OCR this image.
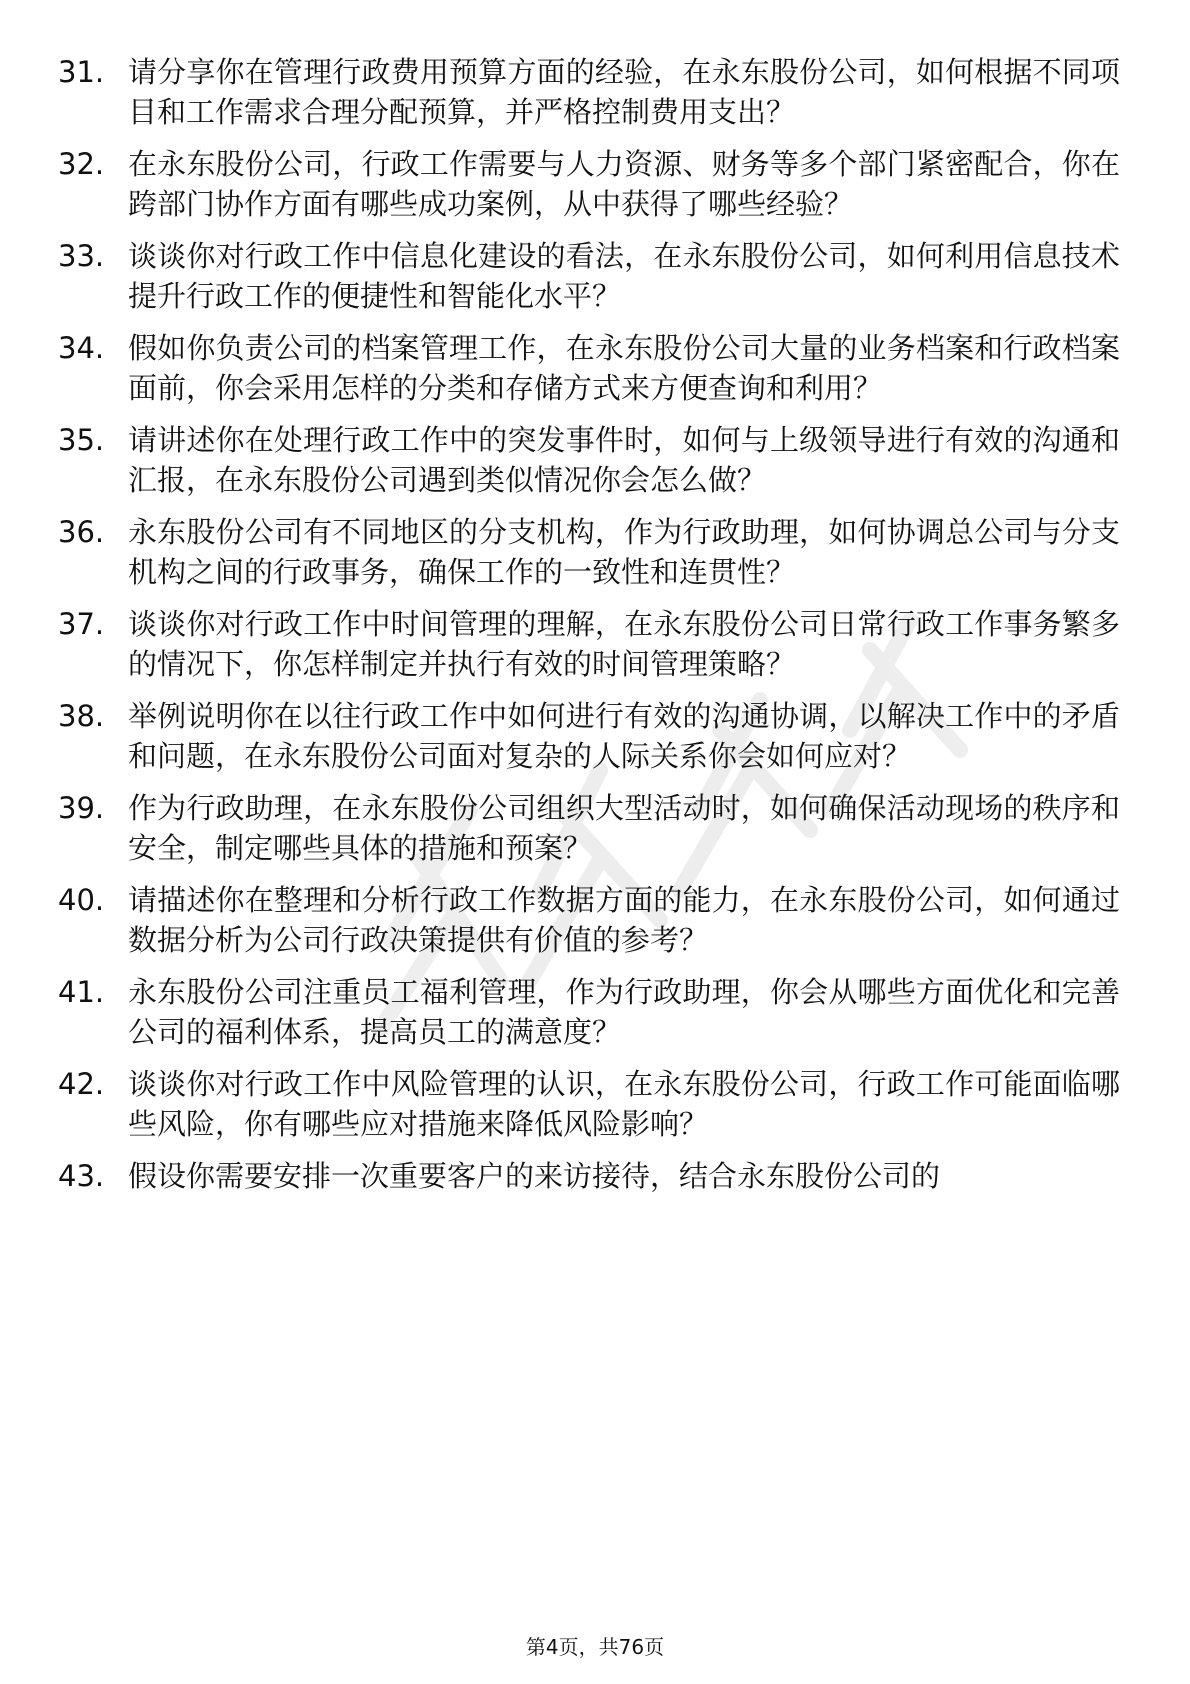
31. 请分享你在管理行政费用预算方面的经验，在永东股份公司，如何根据不同项目和工作需求合理分配预算，并严格控制费用支出？
32. 在永东股份公司，行政工作需要与人力资源、财务等多个部门紧密配合，你在跨部门协作方面有哪些成功案例，从中获得了哪些经验？
33. 谈谈你对行政工作中信息化建设的看法，在永东股份公司，如何利用信息技术提升行政工作的便捷性和智能化水平？
34. 假如你负责公司的档案管理工作，在永东股份公司大量的业务档案和行政档案面前，你会采用怎样的分类和存储方式来方便查询和利用？
35. 请讲述你在处理行政工作中的突发事件时，如何与上级领导进行有效的沟通和汇报，在永东股份公司遇到类似情况你会怎么做？
36. 永东股份公司有不同地区的分支机构，作为行政助理，如何协调总公司与分支机构之间的行政事务，确保工作的一致性和连贯性？
37. 谈谈你对行政工作中时间管理的理解，在永东股份公司日常行政工作事务繁多的情况下，你怎样制定并执行有效的时间管理策略？
38. 举例说明你在以往行政工作中如何进行有效的沟通协调，以解决工作中的矛盾和问题，在永东股份公司面对复杂的人际关系你会如何应对？
39. 作为行政助理，在永东股份公司组织大型活动时，如何确保活动现场的秩序和安全，制定哪些具体的措施和预案？
40. 请描述你在整理和分析行政工作数据方面的能力，在永东股份公司，如何通过数据分析为公司行政决策提供有价值的参考？
41. 永东股份公司注重员工福利管理，作为行政助理，你会从哪些方面优化和完善公司的福利体系，提高员工的满意度？
42. 谈谈你对行政工作中风险管理的认识，在永东股份公司，行政工作可能面临哪些风险，你有哪些应对措施来降低风险影响？
43. 假设你需要安排一次重要客户的来访接待，结合永东股份公司的
第4页，共76页
